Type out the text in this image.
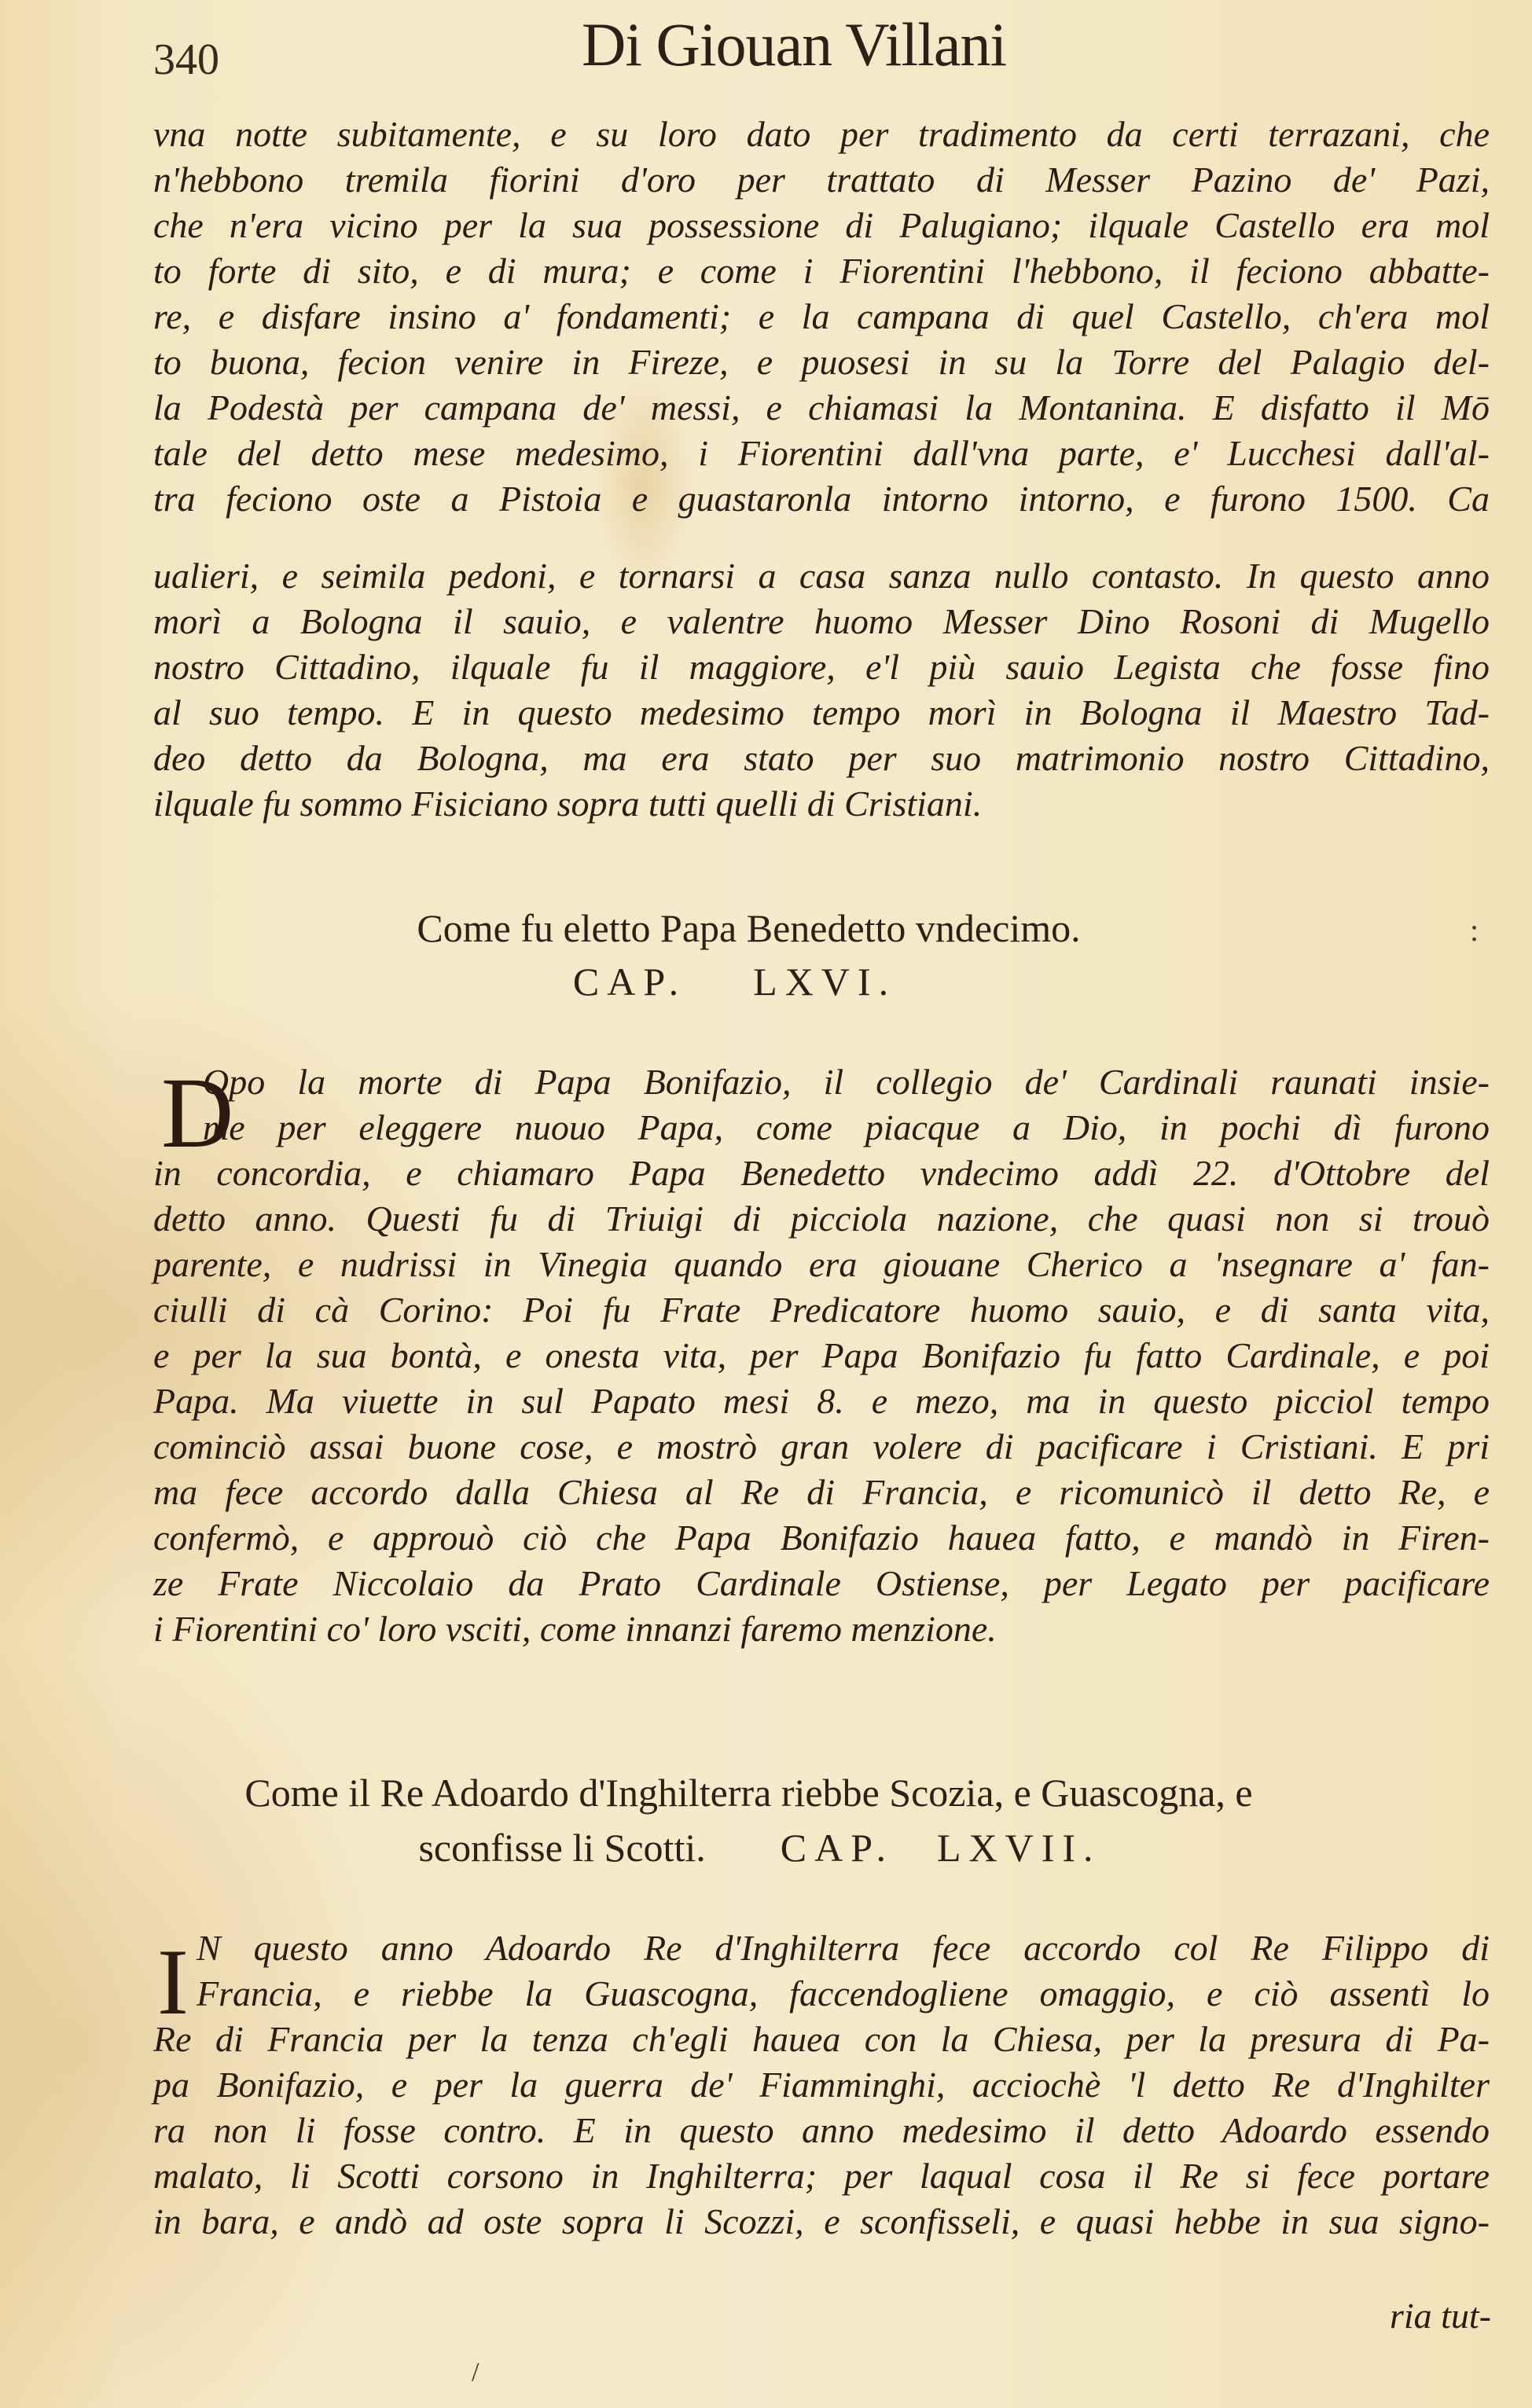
340	Di Giouan Villani
vna notte subitamente, e su loro dato per tradimento da certi terrazani, che
n'hebbono tremila fiorini d'oro per trattato di Messer Pazino de' Pazi,
che n'era vicino per la sua possessione di Palugiano; ilquale Castello era mol
to forte di sito, e di mura; e come i Fiorentini l'hebbono, il fecionо abbatte-
re, e disfare insino a' fondamenti; e la campana di quel Castello, ch'era mol
to buona, fecion venire in Fireze, e puosesi in su la Torre del Palagio del-
la Podestà per campana de' messi, e chiamasi la Montanina. E disfatto il Mō
tale del detto mese medesimo, i Fiorentini dall'vna parte, e' Lucchesi dall'al-
tra fecionо oste a Pistoia e guastaronla intorno intorno, e furono 1500. Ca
ualieri, e seimila pedoni, e tornarsi a casa sanza nullo contasto. In questo anno
morì a Bologna il sauio, e valentre huomo Messer Dino Rosoni di Mugello
nostro Cittadino, ilquale fu il maggiore, e'l più sauio Legista che fosse fino
al suo tempo. E in questo medesimo tempo morì in Bologna il Maestro Tad-
deo detto da Bologna, ma era stato per suo matrimonio nostro Cittadino,
ilquale fu sommo Fisiciano sopra tutti quelli di Cristiani.
Come fu eletto Papa Benedetto vndecimo.
CAP. LXVI.
:
D
Opo la morte di Papa Bonifazio, il collegio de' Cardinali raunati insie-
me per eleggere nuouo Papa, come piacque a Dio, in pochi dì furono
in concordia, e chiamaro Papa Benedetto vndecimo addì 22. d'Ottobre del
detto anno. Questi fu di Triuigi di picciola nazione, che quasi non si trouò
parente, e nudrissi in Vinegia quando era giouane Cherico a 'nsegnare a' fan-
ciulli di cà Corino: Poi fu Frate Predicatore huomo sauio, e di santa vita,
e per la sua bontà, e onesta vita, per Papa Bonifazio fu fatto Cardinale, e poi
Papa. Ma viuette in sul Papato mesi 8. e mezo, ma in questo picciol tempo
cominciò assai buone cose, e mostrò gran volere di pacificare i Cristiani. E pri
ma fece accordo dalla Chiesa al Re di Francia, e ricomunicò il detto Re, e
confermò, e approuò ciò che Papa Bonifazio hauea fatto, e mandò in Firen-
ze Frate Niccolaio da Prato Cardinale Ostiense, per Legato per pacificare
i Fiorentini co' loro vsciti, come innanzi faremo menzione.
Come il Re Adoardo d'Inghilterra riebbe Scozia, e Guascogna, e
sconfisse li Scotti. CAP. LXVII.
I N questo anno Adoardo Re d'Inghilterra fece accordo col Re Filippo di
Francia, e riebbe la Guascogna, faccendogliene omaggio, e ciò assentì lo
Re di Francia per la tenza ch'egli hauea con la Chiesa, per la presura di Pa-
pa Bonifazio, e per la guerra de' Fiamminghi, acciochè 'l detto Re d'Inghilter
ra non li fosse contro. E in questo anno medesimo il detto Adoardo essendo
malato, li Scotti corsono in Inghilterra; per laqual cosa il Re si fece portare
in bara, e andò ad oste sopra li Scozzi, e sconfisseli, e quasi hebbe in sua signo-
ria tut-
/
